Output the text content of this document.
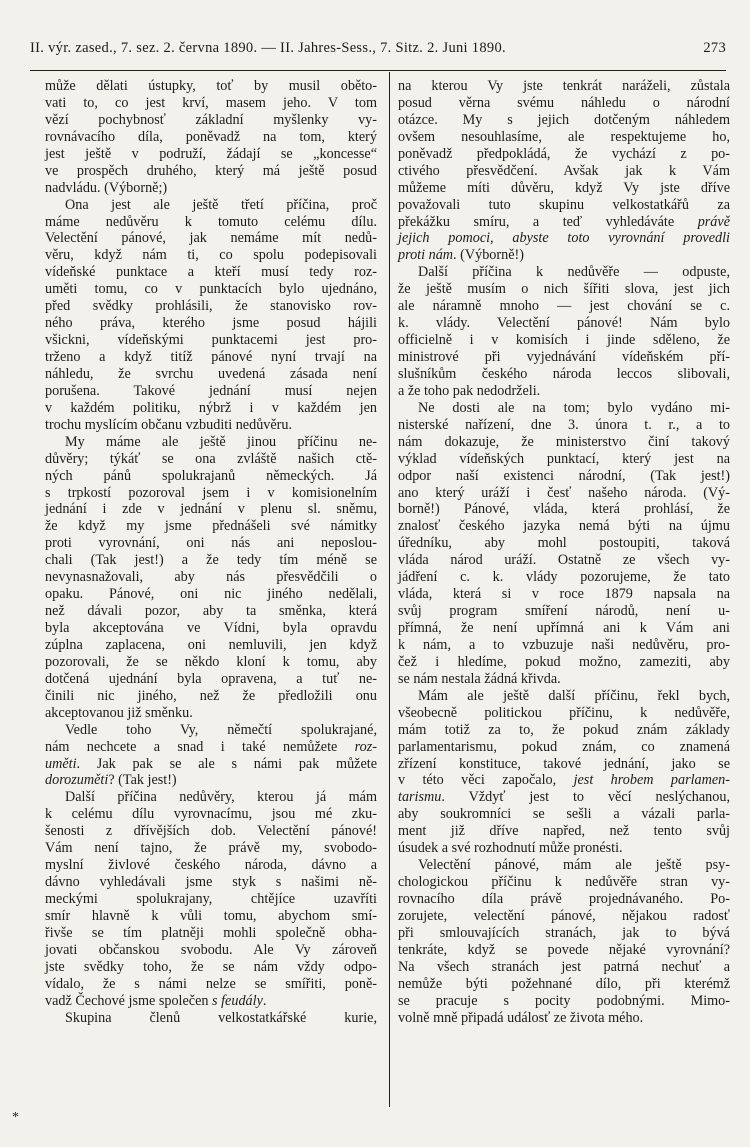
II. výr. zased., 7. sez. 2. června 1890. — II. Jahres-Sess., 7. Sitz. 2. Juni 1890.	273

může dělati ústupky, toť by musil oběto-

vati to, co jest krví, masem jeho. V tom

vězí pochybnosť základní myšlenky vy-

rovnávacího díla, poněvadž na tom, který

jest ještě v podruží, žádají se „koncesse“

ve prospěch druhého, který má ještě posud

nadvládu. (Výborně;)

Ona jest ale ještě třetí příčina, proč

máme nedůvěru k tomuto celému dílu.

Velectění pánové, jak nemáme mít nedů-

věru, když nám ti, co spolu podepisovali

vídeňské punktace a kteří musí tedy roz-

uměti tomu, co v punktacích bylo ujednáno,

před svědky prohlásili, že stanovisko rov-

ného práva, kterého jsme posud hájili

všickni, vídeňskými punktacemi jest pro-

trženo a když titíž pánové nyní trvají na

náhledu, že svrchu uvedená zásada není

porušena. Takové jednání musí nejen

v každém politiku, nýbrž i v každém jen

trochu myslícím občanu vzbuditi nedůvěru.

My máme ale ještě jinou příčinu ne-

důvěry; týkáť se ona zvláště našich ctě-

ných pánů spolukrajanů německých. Já

s trpkostí pozoroval jsem i v komisionelním

jednání i zde v jednání v plenu sl. sněmu,

že když my jsme přednášeli své námitky

proti vyrovnání, oni nás ani neposlou-

chali (Tak jest!) a že tedy tím méně se

nevynasnažovali, aby nás přesvědčili o

opaku. Pánové, oni nic jiného nedělali,

než dávali pozor, aby ta směnka, která

byla akceptována ve Vídni, byla opravdu

zúplna zaplacena, oni nemluvili, jen když

pozorovali, že se někdo kloní k tomu, aby

dotčená ujednání byla opravena, a tuť ne-

činili nic jiného, než že předložili onu

akceptovanou již směnku.

Vedle toho Vy, němečtí spolukrajané,

nám nechcete a snad i také nemůžete roz-

uměti. Jak pak se ale s námi pak můžete

dorozuměti? (Tak jest!)

Další příčina nedůvěry, kterou já mám

k celému dílu vyrovnacímu, jsou mé zku-

šenosti z dřívějších dob. Velectění pánové!

Vám není tajno, že právě my, svobodo-

myslní živlové českého národa, dávno a

dávno vyhledávali jsme styk s našimi ně-

meckými spolukrajany, chtějíce uzavříti

smír hlavně k vůli tomu, abychom smí-

řivše se tím platněji mohli společně obha-

jovati občanskou svobodu. Ale Vy zároveň

jste svědky toho, že se nám vždy odpo-

vídalo, že s námi nelze se smířiti, poně-

vadž Čechové jsme společen s feudály.

Skupina členů velkostatkářské kurie,

na kterou Vy jste tenkrát naráželi, zůstala

posud věrna svému náhledu o národní

otázce. My s jejich dotčeným náhledem

ovšem nesouhlasíme, ale respektujeme ho,

poněvadž předpokládá, že vychází z po-

ctivého přesvědčení. Avšak jak k Vám

můžeme míti důvěru, když Vy jste dříve

považovali tuto skupinu velkostatkářů za

překážku smíru, a teď vyhledáváte právě

jejich pomoci, abyste toto vyrovnání provedli

proti nám. (Výborně!)

Další příčina k nedůvěře — odpuste,

že ještě musím o nich šířiti slova, jest jich

ale náramně mnoho — jest chování se c.

k. vlády. Velectění pánové! Nám bylo

officielně i v komisích i jinde sděleno, že

ministrové při vyjednávání vídeňském pří-

slušníkům českého národa leccos slibovali,

a že toho pak nedodrželi.

Ne dosti ale na tom; bylo vydáno mi-

nisterské nařízení, dne 3. února t. r., a to

nám dokazuje, že ministerstvo činí takový

výklad vídeňských punktací, který jest na

odpor naší existenci národní, (Tak jest!)

ano který uráží i česť našeho národa. (Vý-

borně!) Pánové, vláda, která prohlásí, že

znalosť českého jazyka nemá býti na újmu

úředníku, aby mohl postoupiti, taková

vláda národ uráží. Ostatně ze všech vy-

jádření c. k. vlády pozorujeme, že tato

vláda, která si v roce 1879 napsala na

svůj program smíření národů, není u-

přímná, že není upřímná ani k Vám ani

k nám, a to vzbuzuje naši nedůvěru, pro-

čež i hledíme, pokud možno, zameziti, aby

se nám nestala žádná křivda.

Mám ale ještě další příčinu, řekl bych,

všeobecně politickou příčinu, k nedůvěře,

mám totiž za to, že pokud znám základy

parlamentarismu, pokud znám, co znamená

zřízení konstituce, takové jednání, jako se

v této věci započalo, jest hrobem parlamen-

tarismu. Vždyť jest to věcí neslýchanou,

aby soukromníci se sešli a vázali parla-

ment již dříve napřed, než tento svůj

úsudek a své rozhodnutí může pronésti.

Velectění pánové, mám ale ještě psy-

chologickou příčinu k nedůvěře stran vy-

rovnacího díla právě projednávaného. Po-

zorujete, velectění pánové, nějakou radosť

při smlouvajících stranách, jak to bývá

tenkráte, když se povede nějaké vyrovnání?

Na všech stranách jest patrná nechuť a

nemůže býti požehnané dílo, při kterémž

se pracuje s pocity podobnými. Mimo-

volně mně připadá událosť ze života mého.

*
